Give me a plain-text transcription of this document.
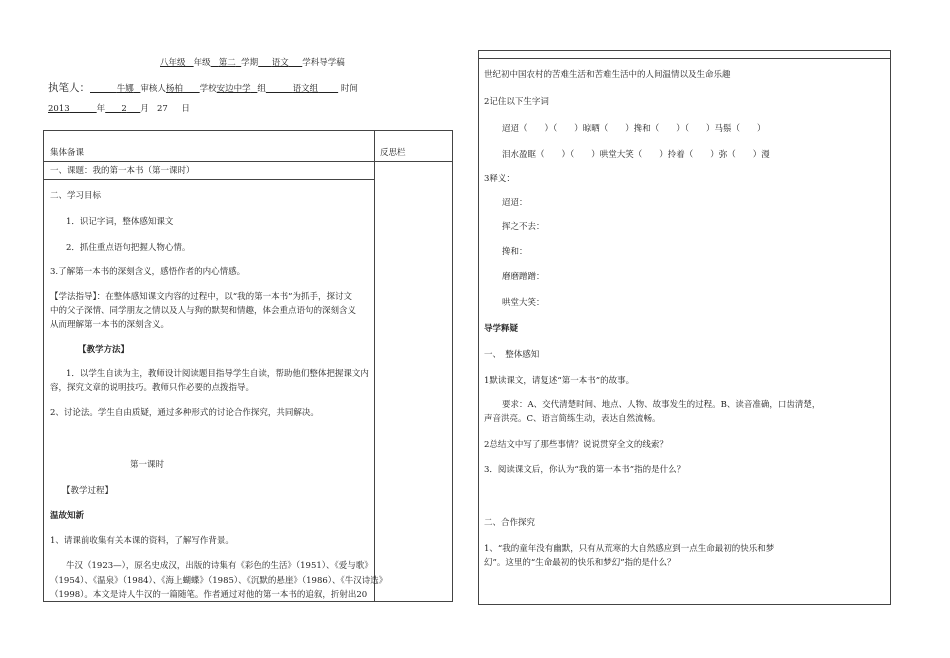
八年级 年级 第二 学期 语文 学科导学稿
执笔人：	牛娜 审核人杨柏 学校安边中学 组	语文组	时间
2013	年 2 月 27 日
集体备课	反思栏
一、课题：我的第一本书（第一课时）
二、学习目标
1．识记字词，整体感知课文
2．抓住重点语句把握人物心情。
3.了解第一本书的深刻含义，感悟作者的内心情感。
【学法指导】：在整体感知课文内容的过程中，以“我的第一本书”为抓手，探讨文
中的父子深情、同学朋友之情以及人与狗的默契和情趣，体会重点语句的深刻含义
从而理解第一本书的深刻含义。
【教学方法】
1．以学生自读为主，教师设计阅读题目指导学生自读，帮助他们整体把握课文内
容，探究文章的说明技巧。教师只作必要的点拨指导。
2、讨论法。学生自由质疑，通过多种形式的讨论合作探究，共同解决。
第一课时
【教学过程】
温故知新
1、请课前收集有关本课的资料，了解写作背景。
牛汉（1923—），原名史成汉，出版的诗集有《彩色的生活》（1951）、《爱与歌》
（1954）、《温泉》（1984）、《海上蝴蝶》（1985）、《沉默的悬崖》（1986）、《牛汉诗选》
（1998）。本文是诗人牛汉的一篇随笔。作者通过对他的第一本书的追叙，折射出20
世纪初中国农村的苦难生活和苦难生活中的人间温情以及生命乐趣
2记住以下生字词
迢迢（　　）（　　）晾晒（　　）搀和（　　）（　　）马鬃（　　）
泪水盈眶（　　）（　　）哄堂大笑（　　）拎着（　　）弥（　　）漫
3释义：
迢迢：
挥之不去：
搀和：
磨磨蹭蹭：
哄堂大笑：
导学释疑
一、　整体感知
1默读课文，请复述“第一本书”的故事。
要求：A、交代清楚时间、地点、人物、故事发生的过程。B、读音准确，口齿清楚，
声音洪亮。C、语言简练生动，表达自然流畅。
2总结文中写了那些事情？说说贯穿全文的线索？
3．阅读课文后，你认为“我的第一本书”指的是什么？
二、合作探究
1、“我的童年没有幽默，只有从荒寒的大自然感应到一点生命最初的快乐和梦
幻”。这里的“生命最初的快乐和梦幻”指的是什么？
